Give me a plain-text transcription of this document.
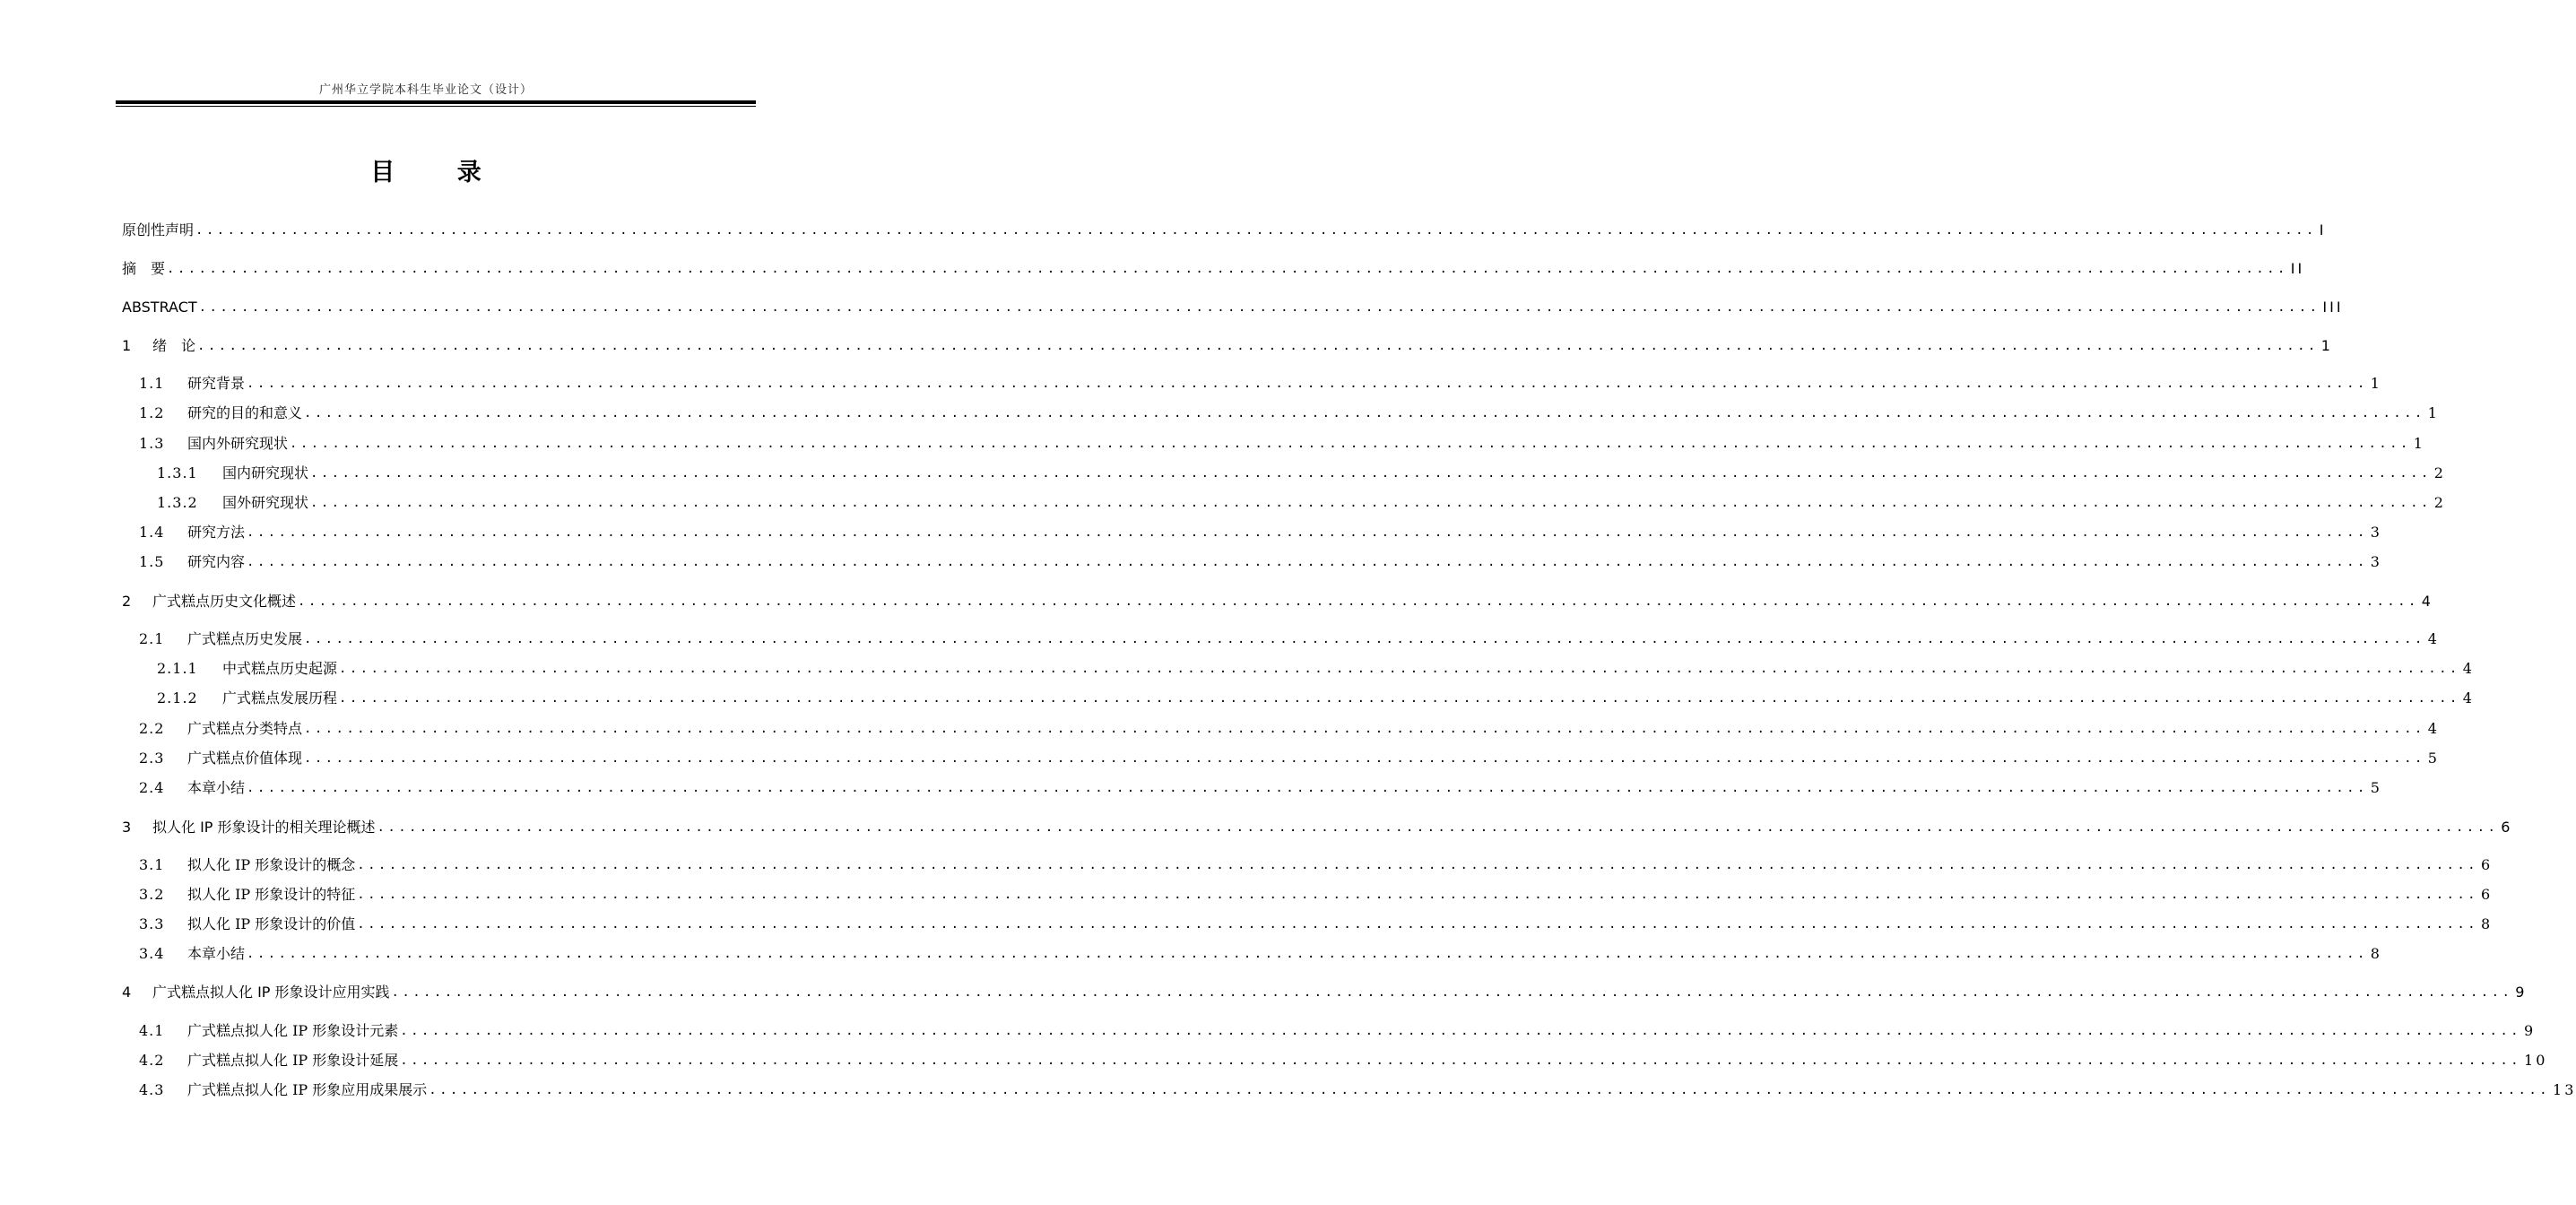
广州华立学院本科生毕业论文（设计）
目 录
原创性声明 ........................................................................................................................................................................................................ I
摘　要 ........................................................................................................................................................................................................ II
ABSTRACT ........................................................................................................................................................................................................ III
1 绪　论 ........................................................................................................................................................................................................ 1
1.1 研究背景 ........................................................................................................................................................................................................ 1
1.2 研究的目的和意义 ........................................................................................................................................................................................................ 1
1.3 国内外研究现状 ........................................................................................................................................................................................................ 1
1.3.1 国内研究现状 ........................................................................................................................................................................................................ 2
1.3.2 国外研究现状 ........................................................................................................................................................................................................ 2
1.4 研究方法 ........................................................................................................................................................................................................ 3
1.5 研究内容 ........................................................................................................................................................................................................ 3
2 广式糕点历史文化概述 ........................................................................................................................................................................................................ 4
2.1 广式糕点历史发展 ........................................................................................................................................................................................................ 4
2.1.1 中式糕点历史起源 ........................................................................................................................................................................................................ 4
2.1.2 广式糕点发展历程 ........................................................................................................................................................................................................ 4
2.2 广式糕点分类特点 ........................................................................................................................................................................................................ 4
2.3 广式糕点价值体现 ........................................................................................................................................................................................................ 5
2.4 本章小结 ........................................................................................................................................................................................................ 5
3 拟人化 IP 形象设计的相关理论概述 ........................................................................................................................................................................................................ 6
3.1 拟人化 IP 形象设计的概念 ........................................................................................................................................................................................................ 6
3.2 拟人化 IP 形象设计的特征 ........................................................................................................................................................................................................ 6
3.3 拟人化 IP 形象设计的价值 ........................................................................................................................................................................................................ 8
3.4 本章小结 ........................................................................................................................................................................................................ 8
4 广式糕点拟人化 IP 形象设计应用实践 ........................................................................................................................................................................................................ 9
4.1 广式糕点拟人化 IP 形象设计元素 ........................................................................................................................................................................................................ 9
4.2 广式糕点拟人化 IP 形象设计延展 ........................................................................................................................................................................................................ 10
4.3 广式糕点拟人化 IP 形象应用成果展示 ........................................................................................................................................................................................................ 13
